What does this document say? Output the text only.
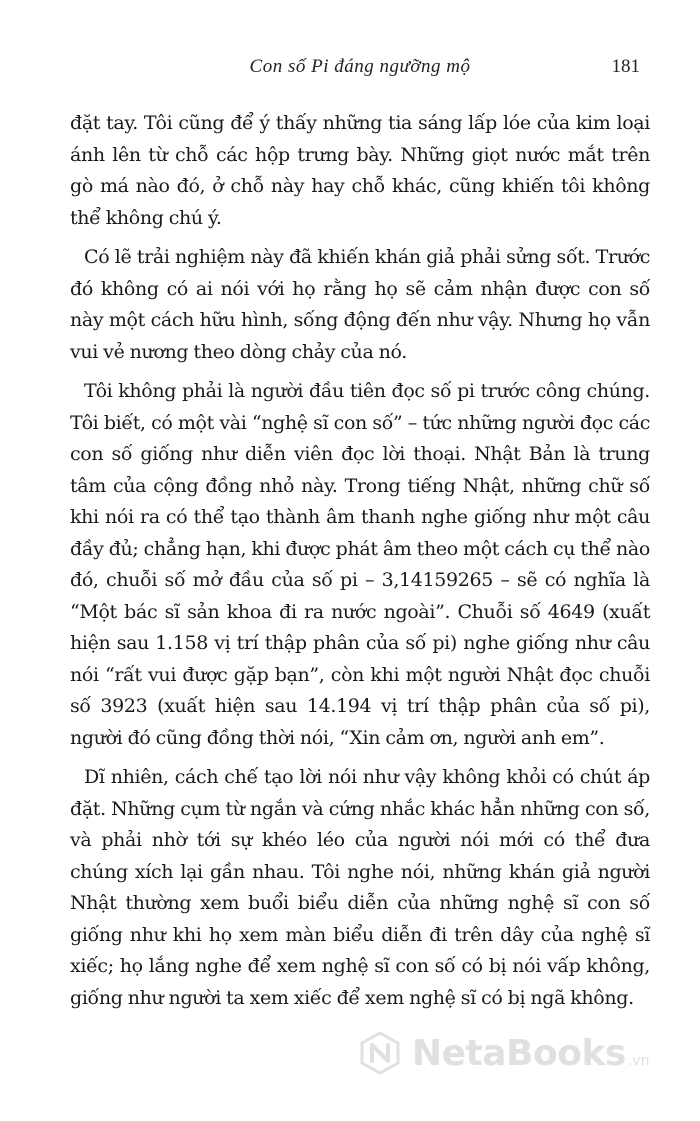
Con số Pi đáng ngưỡng mộ	181

đặt tay. Tôi cũng để ý thấy những tia sáng lấp lóe của kim loại ánh lên từ chỗ các hộp trưng bày. Những giọt nước mắt trên gò má nào đó, ở chỗ này hay chỗ khác, cũng khiến tôi không thể không chú ý.

Có lẽ trải nghiệm này đã khiến khán giả phải sửng sốt. Trước đó không có ai nói với họ rằng họ sẽ cảm nhận được con số này một cách hữu hình, sống động đến như vậy. Nhưng họ vẫn vui vẻ nương theo dòng chảy của nó.

Tôi không phải là người đầu tiên đọc số pi trước công chúng. Tôi biết, có một vài “nghệ sĩ con số” – tức những người đọc các con số giống như diễn viên đọc lời thoại. Nhật Bản là trung tâm của cộng đồng nhỏ này. Trong tiếng Nhật, những chữ số khi nói ra có thể tạo thành âm thanh nghe giống như một câu đầy đủ; chẳng hạn, khi được phát âm theo một cách cụ thể nào đó, chuỗi số mở đầu của số pi – 3,14159265 – sẽ có nghĩa là “Một bác sĩ sản khoa đi ra nước ngoài”. Chuỗi số 4649 (xuất hiện sau 1.158 vị trí thập phân của số pi) nghe giống như câu nói “rất vui được gặp bạn”, còn khi một người Nhật đọc chuỗi số 3923 (xuất hiện sau 14.194 vị trí thập phân của số pi), người đó cũng đồng thời nói, “Xin cảm ơn, người anh em”.

Dĩ nhiên, cách chế tạo lời nói như vậy không khỏi có chút áp đặt. Những cụm từ ngắn và cứng nhắc khác hẳn những con số, và phải nhờ tới sự khéo léo của người nói mới có thể đưa chúng xích lại gần nhau. Tôi nghe nói, những khán giả người Nhật thường xem buổi biểu diễn của những nghệ sĩ con số giống như khi họ xem màn biểu diễn đi trên dây của nghệ sĩ xiếc; họ lắng nghe để xem nghệ sĩ con số có bị nói vấp không, giống như người ta xem xiếc để xem nghệ sĩ có bị ngã không.

NetaBooks .vn
